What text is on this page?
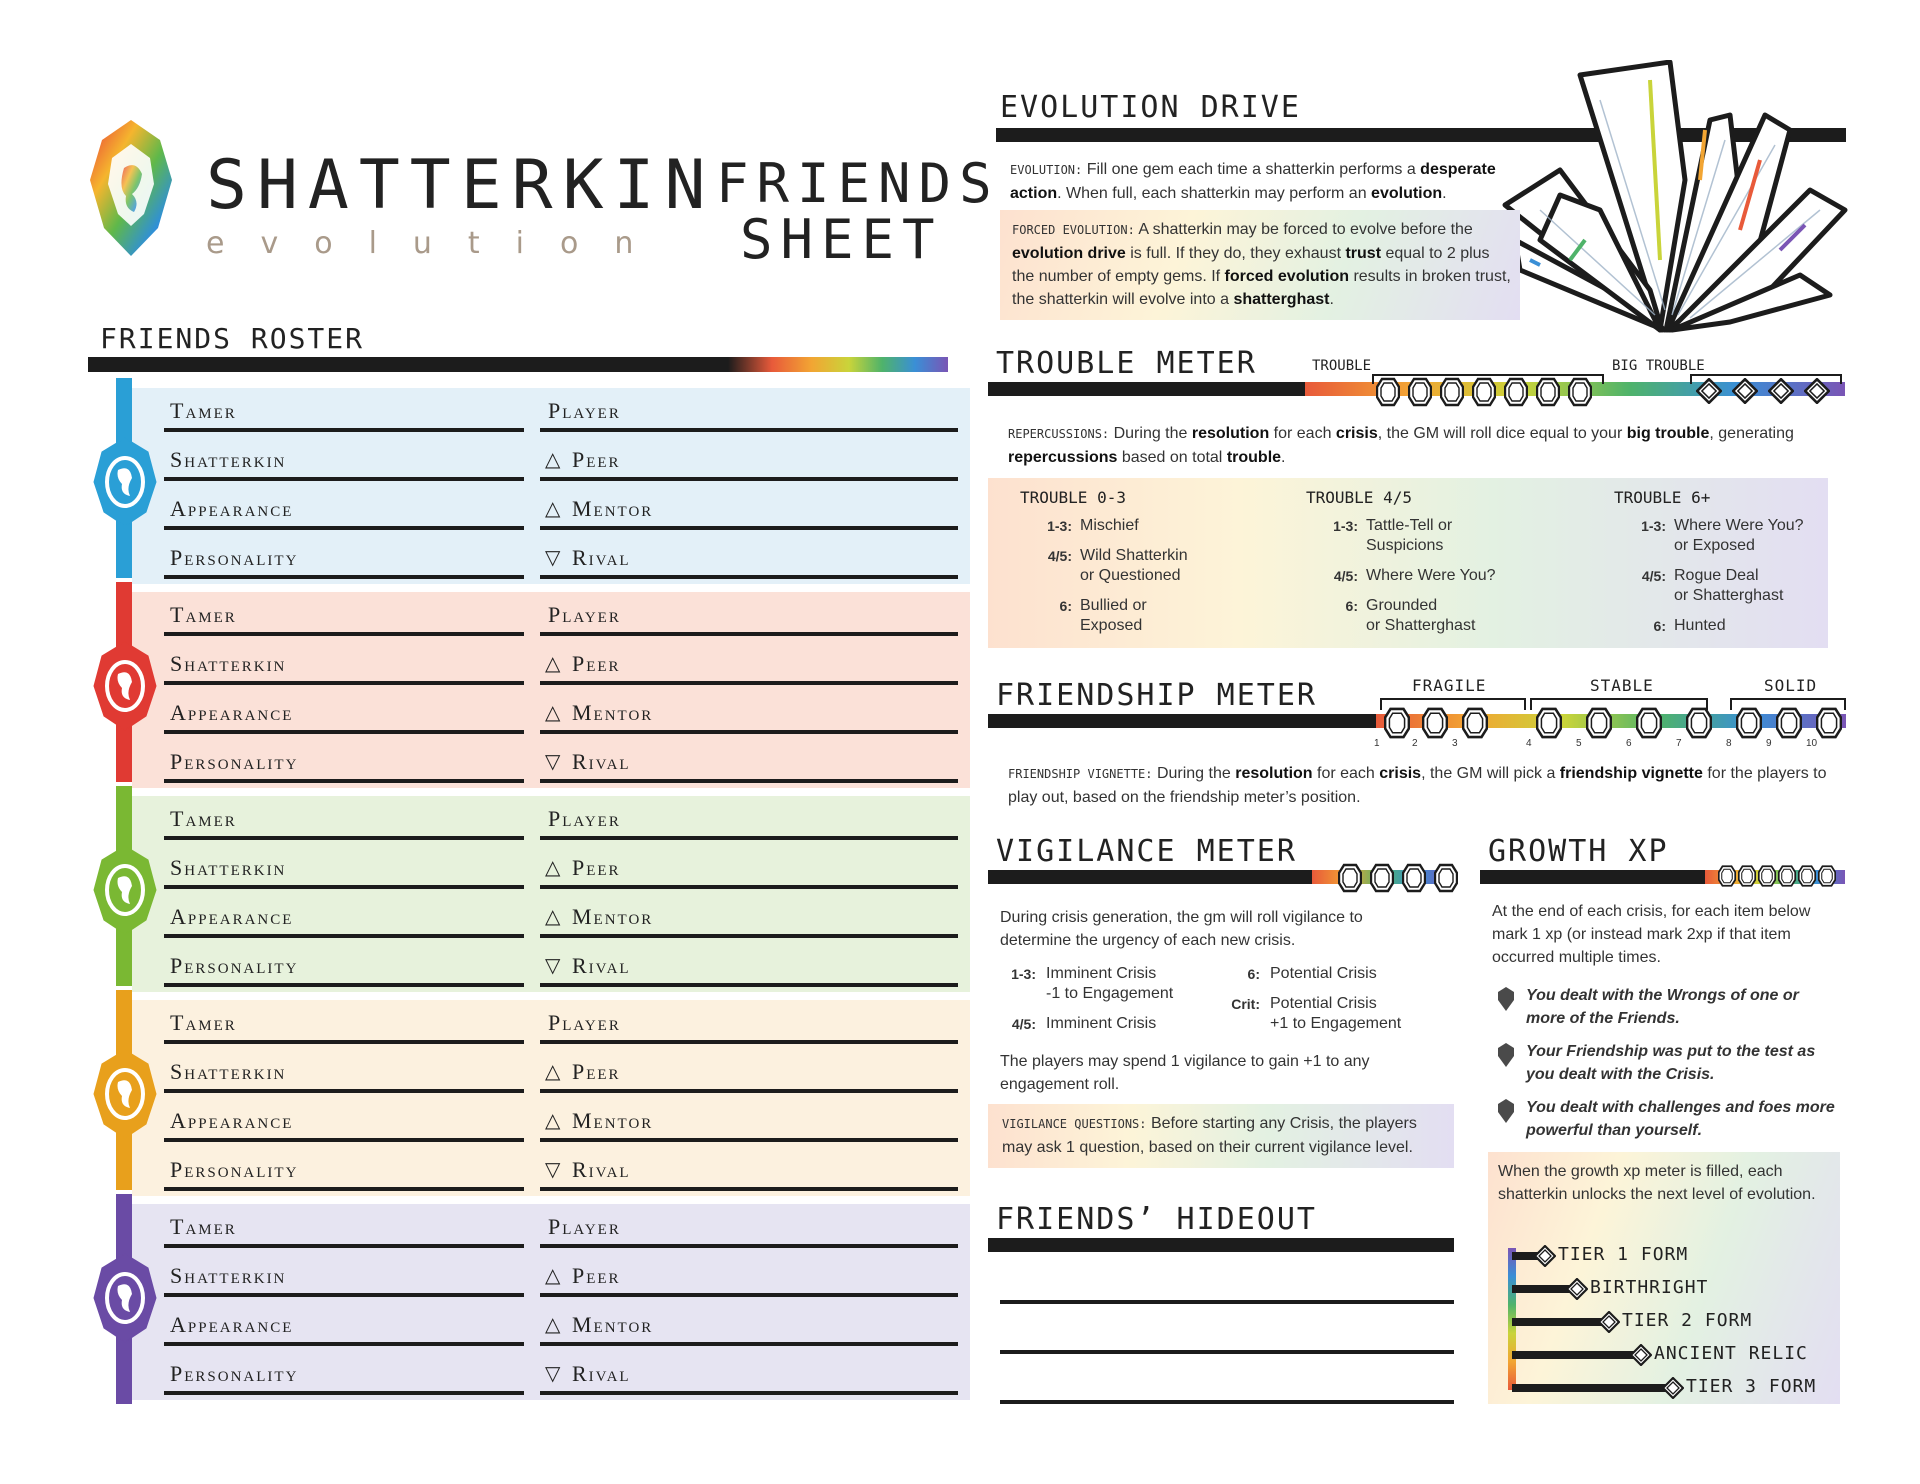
SHATTERKIN
evolution
FRIENDS
SHEET
FRIENDS ROSTER
Tamer	Player
Shatterkin	△ Peer
Appearance	△ Mentor
Personality	▽ Rival
Tamer	Player
Shatterkin	△ Peer
Appearance	△ Mentor
Personality	▽ Rival
Tamer	Player
Shatterkin	△ Peer
Appearance	△ Mentor
Personality	▽ Rival
Tamer	Player
Shatterkin	△ Peer
Appearance	△ Mentor
Personality	▽ Rival
Tamer	Player
Shatterkin	△ Peer
Appearance	△ Mentor
Personality	▽ Rival
EVOLUTION DRIVE
EVOLUTION: Fill one gem each time a shatterkin performs a desperate action. When full, each shatterkin may perform an evolution.
FORCED EVOLUTION: A shatterkin may be forced to evolve before the evolution drive is full. If they do, they exhaust trust equal to 2 plus the number of empty gems. If forced evolution results in broken trust, the shatterkin will evolve into a shatterghast.
TROUBLE METER	TROUBLE	BIG TROUBLE
REPERCUSSIONS: During the resolution for each crisis, the GM will roll dice equal to your big trouble, generating repercussions based on total trouble.
TROUBLE 0-3
1-3: Mischief
4/5: Wild Shatterkin
or Questioned
6: Bullied or
Exposed
TROUBLE 4/5
1-3: Tattle-Tell or
Suspicions
4/5: Where Were You?
6: Grounded
or Shatterghast
TROUBLE 6+
1-3: Where Were You?
or Exposed
4/5: Rogue Deal
or Shatterghast
6: Hunted
FRIENDSHIP METER	FRAGILE	STABLE	SOLID
1	2	3	4	5	6	7	8	9	10
FRIENDSHIP VIGNETTE: During the resolution for each crisis, the GM will pick a friendship vignette for the players to play out, based on the friendship meter’s position.
VIGILANCE METER
During crisis generation, the gm will roll vigilance to determine the urgency of each new crisis.
1-3: Imminent Crisis
-1 to Engagement
4/5: Imminent Crisis
6: Potential Crisis
Crit: Potential Crisis
+1 to Engagement
The players may spend 1 vigilance to gain +1 to any engagement roll.
VIGILANCE QUESTIONS: Before starting any Crisis, the players may ask 1 question, based on their current vigilance level.
FRIENDS’ HIDEOUT
GROWTH XP
At the end of each crisis, for each item below mark 1 xp (or instead mark 2xp if that item occurred multiple times.
You dealt with the Wrongs of one or more of the Friends.
Your Friendship was put to the test as you dealt with the Crisis.
You dealt with challenges and foes more powerful than yourself.
When the growth xp meter is filled, each shatterkin unlocks the next level of evolution.
TIER 1 FORM
BIRTHRIGHT
TIER 2 FORM
ANCIENT RELIC
TIER 3 FORM
